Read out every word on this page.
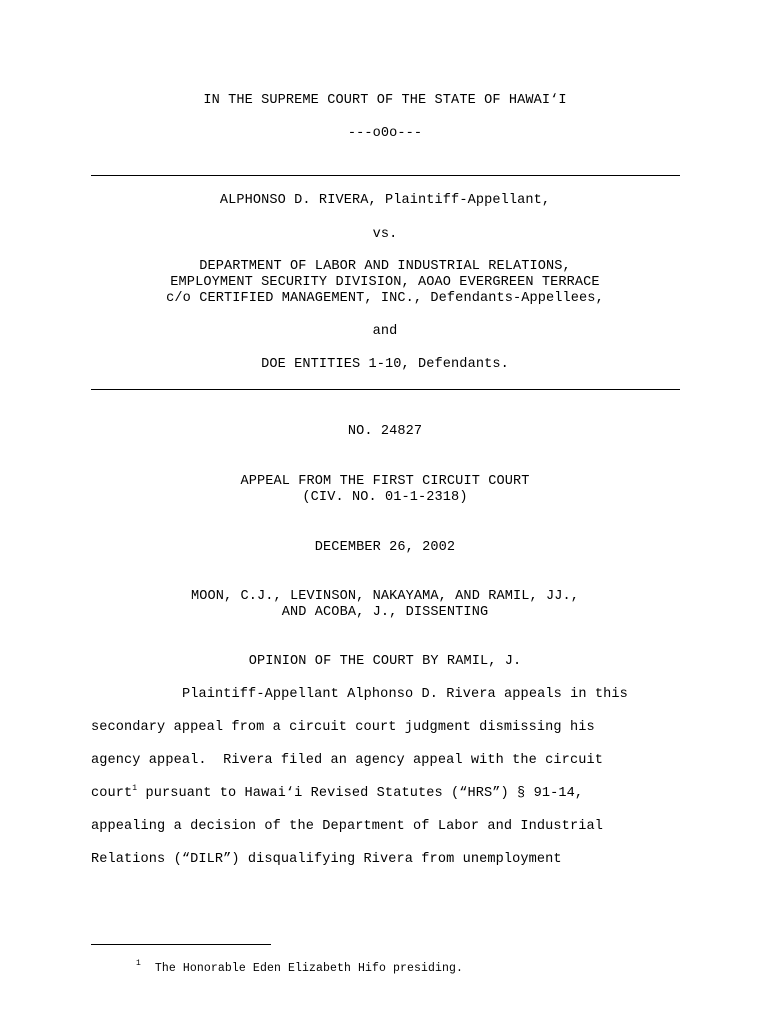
IN THE SUPREME COURT OF THE STATE OF HAWAI‘I
---o0o---
ALPHONSO D. RIVERA, Plaintiff-Appellant,
vs.
DEPARTMENT OF LABOR AND INDUSTRIAL RELATIONS,
EMPLOYMENT SECURITY DIVISION, AOAO EVERGREEN TERRACE
c/o CERTIFIED MANAGEMENT, INC., Defendants-Appellees,
and
DOE ENTITIES 1-10, Defendants.
NO. 24827
APPEAL FROM THE FIRST CIRCUIT COURT
(CIV. NO. 01-1-2318)
DECEMBER 26, 2002
MOON, C.J., LEVINSON, NAKAYAMA, AND RAMIL, JJ.,
AND ACOBA, J., DISSENTING
OPINION OF THE COURT BY RAMIL, J.
Plaintiff-Appellant Alphonso D. Rivera appeals in this
secondary appeal from a circuit court judgment dismissing his
agency appeal.  Rivera filed an agency appeal with the circuit
court$^1$ pursuant to Hawai‘i Revised Statutes (“HRS”) § 91-14,
appealing a decision of the Department of Labor and Industrial
Relations (“DILR”) disqualifying Rivera from unemployment
$^1$ The Honorable Eden Elizabeth Hifo presiding.
